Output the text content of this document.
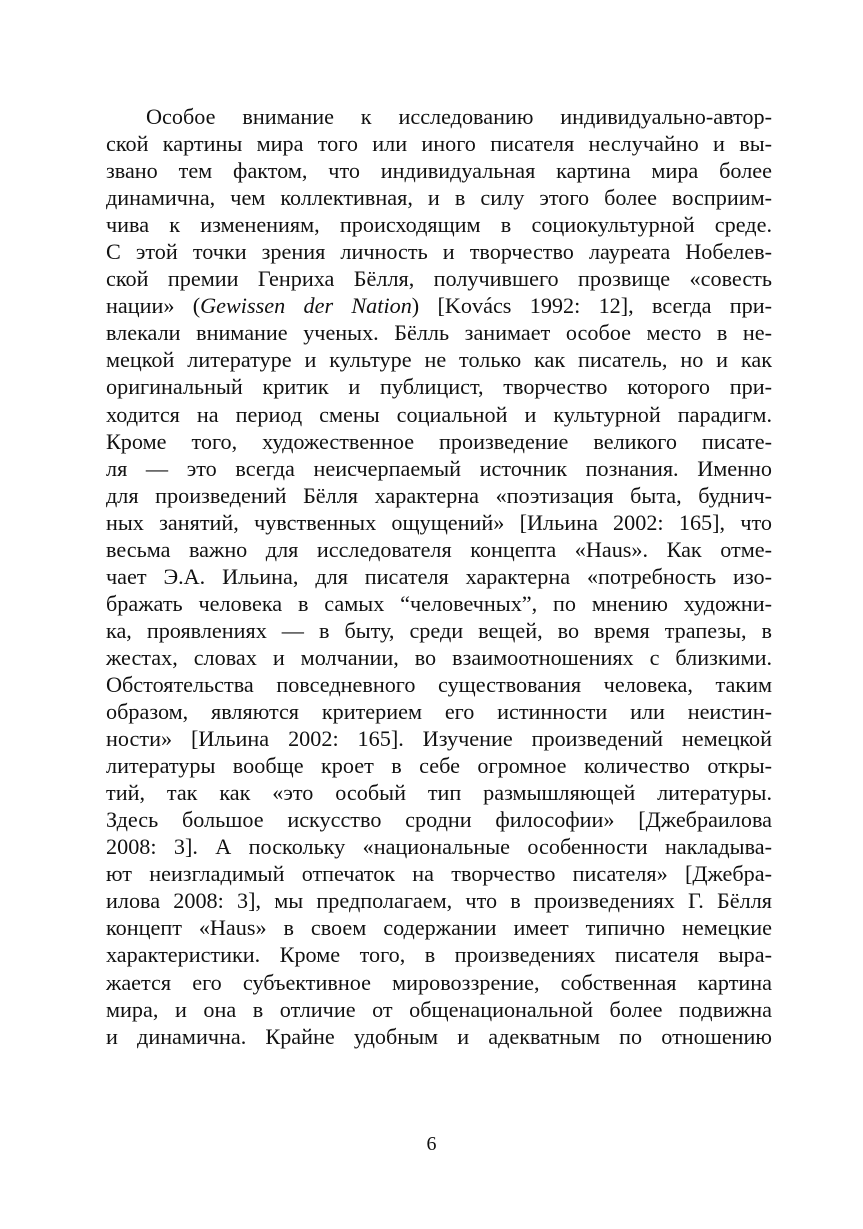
Особое внимание к исследованию индивидуально-автор-
ской картины мира того или иного писателя неслучайно и вы-
звано тем фактом, что индивидуальная картина мира более
динамична, чем коллективная, и в силу этого более восприим-
чива к изменениям, происходящим в социокультурной среде.
С этой точки зрения личность и творчество лауреата Нобелев-
ской премии Генриха Бёлля, получившего прозвище «совесть
нации» (Gewissen der Nation) [Kovács 1992: 12], всегда при-
влекали внимание ученых. Бёлль занимает особое место в не-
мецкой литературе и культуре не только как писатель, но и как
оригинальный критик и публицист, творчество которого при-
ходится на период смены социальной и культурной парадигм.
Кроме того, художественное произведение великого писате-
ля — это всегда неисчерпаемый источник познания. Именно
для произведений Бёлля характерна «поэтизация быта, буднич-
ных занятий, чувственных ощущений» [Ильина 2002: 165], что
весьма важно для исследователя концепта «Haus». Как отме-
чает Э.А. Ильина, для писателя характерна «потребность изо-
бражать человека в самых “человечных”, по мнению художни-
ка, проявлениях — в быту, среди вещей, во время трапезы, в
жестах, словах и молчании, во взаимоотношениях с близкими.
Обстоятельства повседневного существования человека, таким
образом, являются критерием его истинности или неистин-
ности» [Ильина 2002: 165]. Изучение произведений немецкой
литературы вообще кроет в себе огромное количество откры-
тий, так как «это особый тип размышляющей литературы.
Здесь большое искусство сродни философии» [Джебраилова
2008: 3]. А поскольку «национальные особенности накладыва-
ют неизгладимый отпечаток на творчество писателя» [Джебра-
илова 2008: 3], мы предполагаем, что в произведениях Г. Бёлля
концепт «Haus» в своем содержании имеет типично немецкие
характеристики. Кроме того, в произведениях писателя выра-
жается его субъективное мировоззрение, собственная картина
мира, и она в отличие от общенациональной более подвижна
и динамична. Крайне удобным и адекватным по отношению
6
